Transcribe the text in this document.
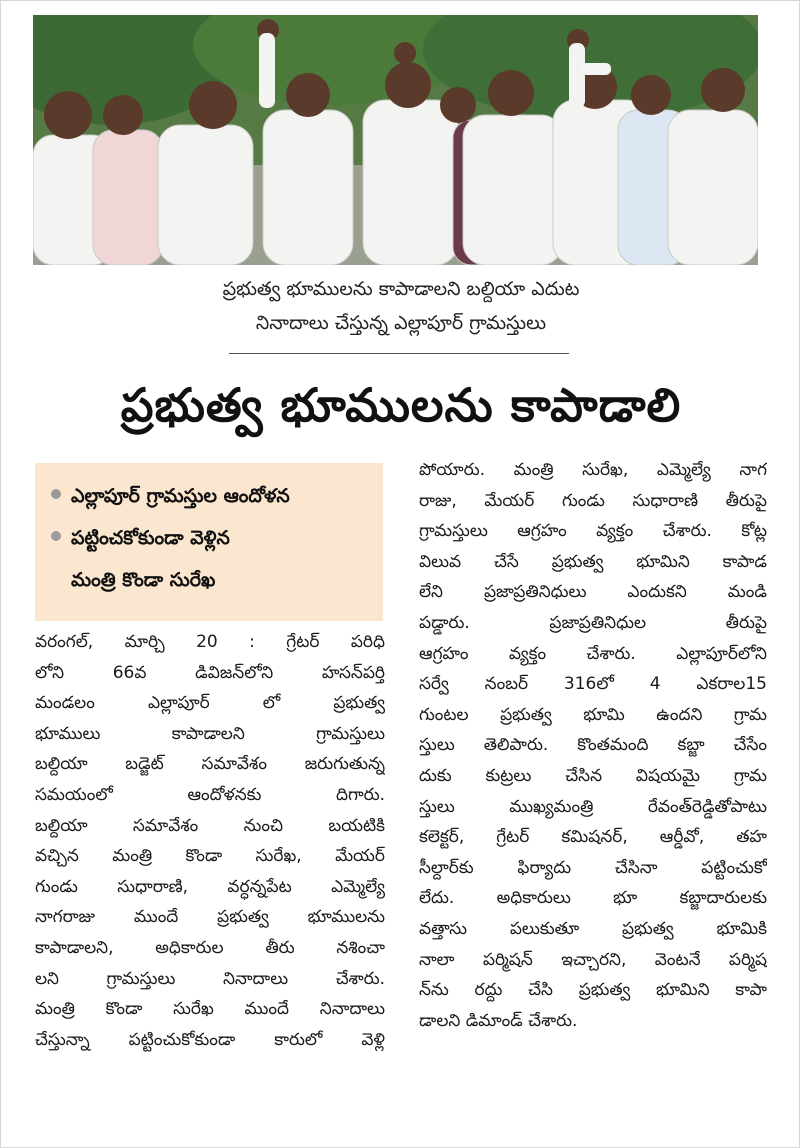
ప్రభుత్వ భూములను కాపాడాలని బల్దియా ఎదుట
నినాదాలు చేస్తున్న ఎల్లాపూర్ గ్రామస్తులు
ప్రభుత్వ భూములను కాపాడాలి
ఎల్లాపూర్ గ్రామస్తుల ఆందోళన
పట్టించకోకుండా వెళ్లిన
మంత్రి కొండా సురేఖ
వరంగల్, మార్చి 20 : గ్రేటర్ పరిధి
లోని 66వ డివిజన్‌లోని హసన్‌పర్తి
మండలం ఎల్లాపూర్ లో ప్రభుత్వ
భూములు కాపాడాలని గ్రామస్తులు
బల్దియా బడ్జెట్ సమావేశం జరుగుతున్న
సమయంలో ఆందోళనకు దిగారు.
బల్దియా సమావేశం నుంచి బయటికి
వచ్చిన మంత్రి కొండా సురేఖ, మేయర్
గుండు సుధారాణి, వర్ధన్నపేట ఎమ్మెల్యే
నాగరాజు ముందే ప్రభుత్వ భూములను
కాపాడాలని, అధికారుల తీరు నశించా
లని గ్రామస్తులు నినాదాలు చేశారు.
మంత్రి కొండా సురేఖ ముందే నినాదాలు
చేస్తున్నా పట్టించుకోకుండా కారులో వెళ్లి
పోయారు. మంత్రి సురేఖ, ఎమ్మెల్యే నాగ
రాజు, మేయర్ గుండు సుధారాణి తీరుపై
గ్రామస్తులు ఆగ్రహం వ్యక్తం చేశారు. కోట్ల
విలువ చేసే ప్రభుత్వ భూమిని కాపాడ
లేని ప్రజాప్రతినిధులు ఎందుకని మండి
పడ్డారు. ప్రజాప్రతినిధుల తీరుపై
ఆగ్రహం వ్యక్తం చేశారు. ఎల్లాపూర్‌లోని
సర్వే నంబర్ 316లో 4 ఎకరాల15
గుంటల ప్రభుత్వ భూమి ఉందని గ్రామ
స్తులు తెలిపారు. కొంతమంది కబ్జా చేసేం
దుకు కుట్రలు చేసిన విషయమై గ్రామ
స్తులు ముఖ్యమంత్రి రేవంత్‌రెడ్డితోపాటు
కలెక్టర్, గ్రేటర్ కమిషనర్, ఆర్డీవో, తహ
సీల్దార్‌కు ఫిర్యాదు చేసినా పట్టించుకో
లేదు. అధికారులు భూ కబ్జాదారులకు
వత్తాసు పలుకుతూ ప్రభుత్వ భూమికి
నాలా పర్మిషన్ ఇచ్చారని, వెంటనే పర్మిష
న్‌ను రద్దు చేసి ప్రభుత్వ భూమిని కాపా
డాలని డిమాండ్ చేశారు.
